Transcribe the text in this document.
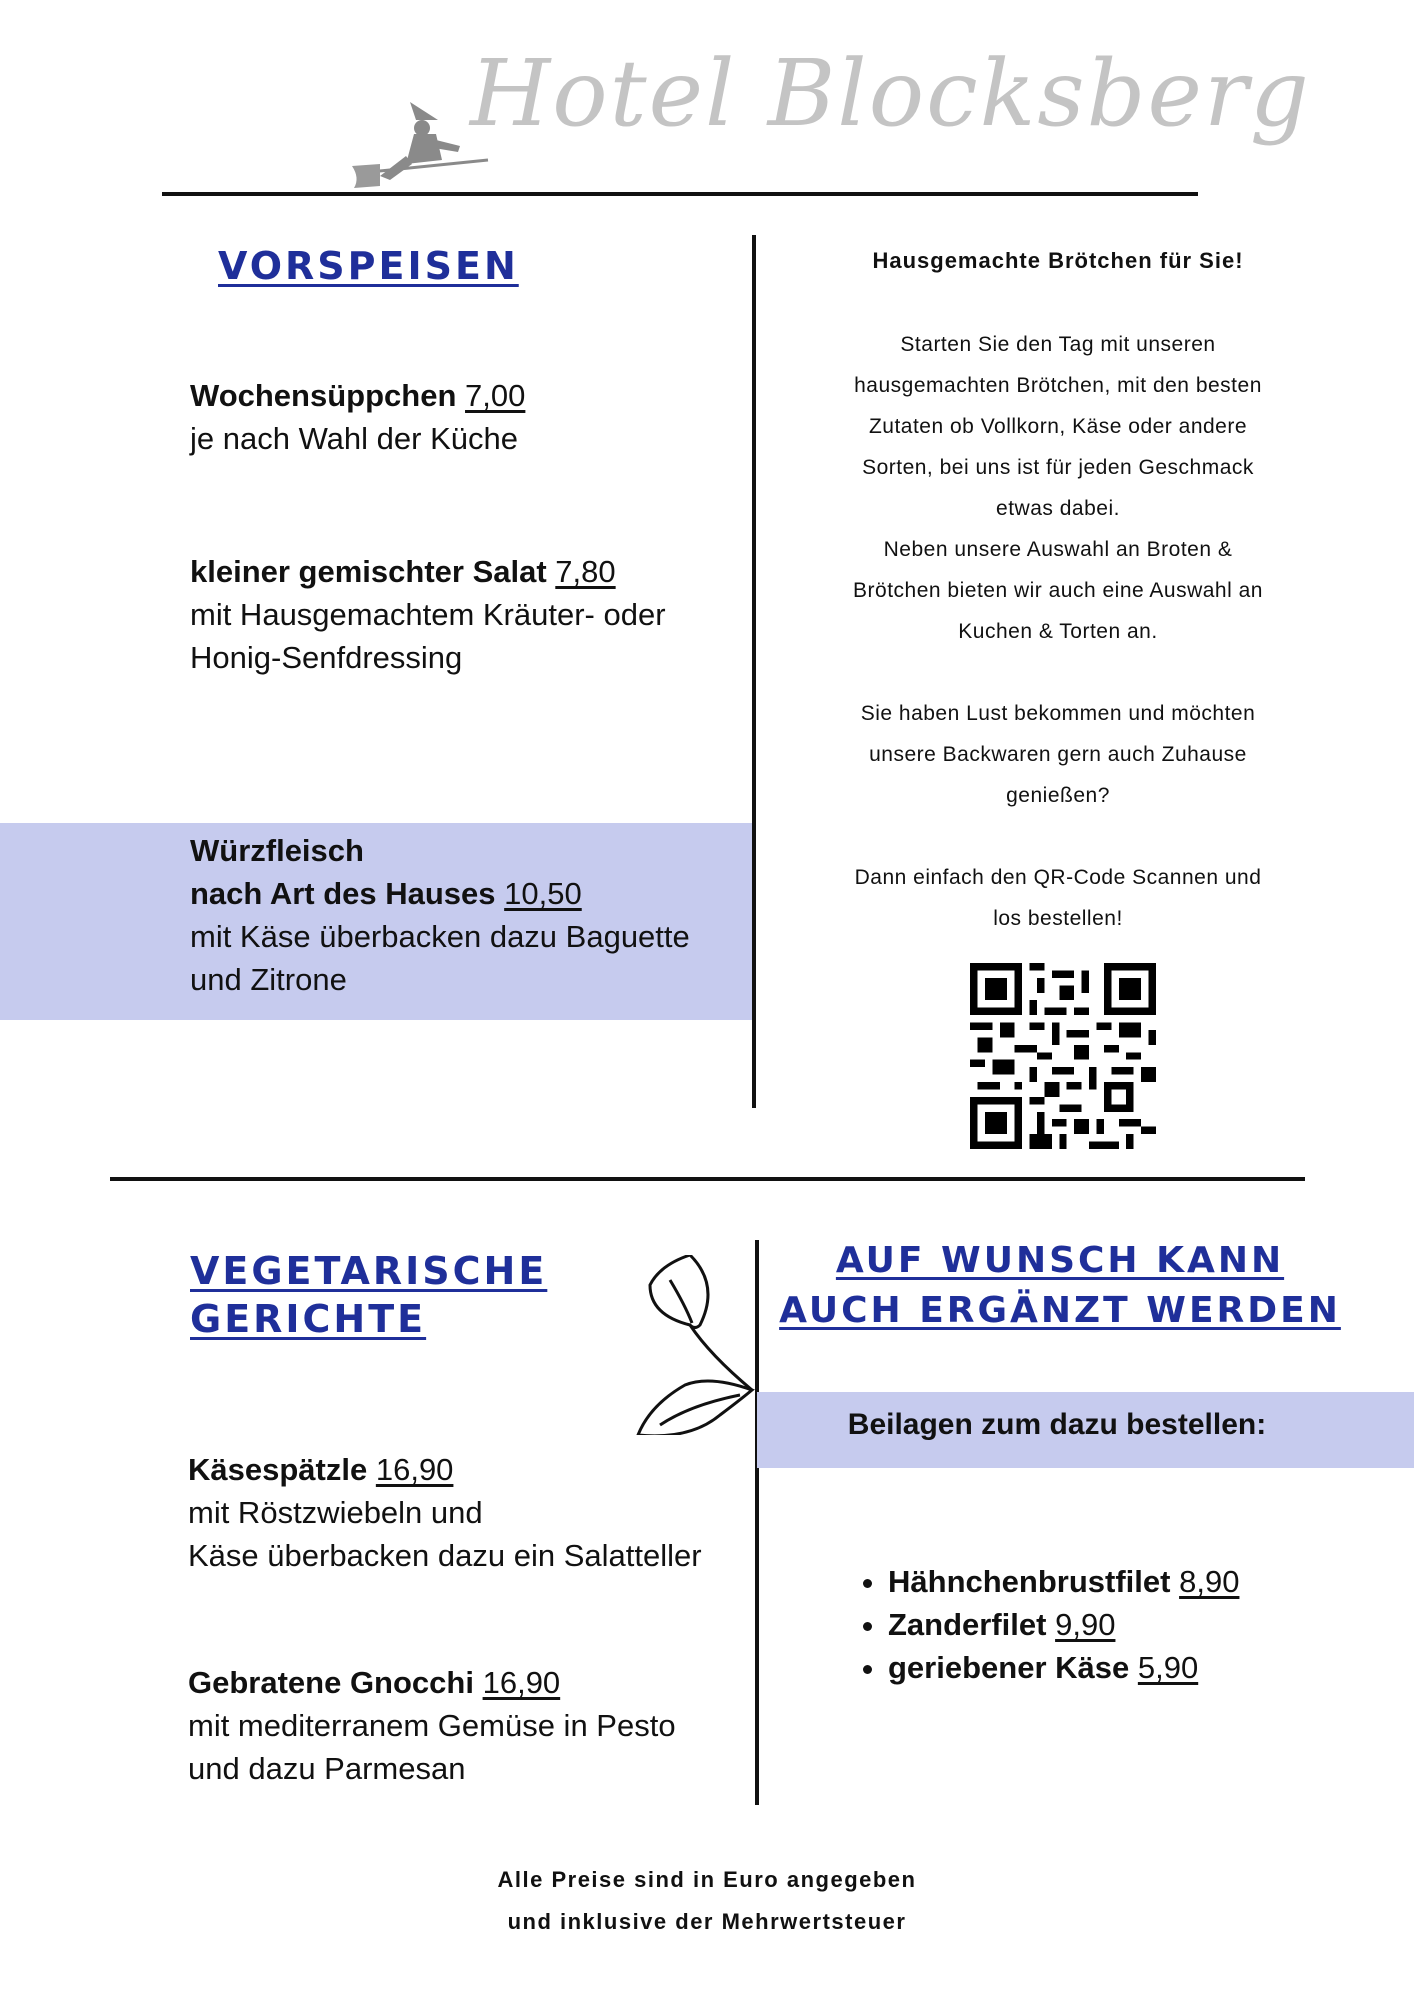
Hotel Blocksberg
VORSPEISEN
Wochensüppchen 7,00
je nach Wahl der Küche
kleiner gemischter Salat 7,80
mit Hausgemachtem Kräuter- oder
Honig-Senfdressing
Würzfleisch
nach Art des Hauses 10,50
mit Käse überbacken dazu Baguette
und Zitrone
Hausgemachte Brötchen für Sie!
Starten Sie den Tag mit unseren
hausgemachten Brötchen, mit den besten
Zutaten ob Vollkorn, Käse oder andere
Sorten, bei uns ist für jeden Geschmack
etwas dabei.
Neben unsere Auswahl an Broten &
Brötchen bieten wir auch eine Auswahl an
Kuchen & Torten an.

Sie haben Lust bekommen und möchten
unsere Backwaren gern auch Zuhause
genießen?

Dann einfach den QR-Code Scannen und
los bestellen!
VEGETARISCHE
GERICHTE
Käsespätzle 16,90
mit Röstzwiebeln und
Käse überbacken dazu ein Salatteller
Gebratene Gnocchi 16,90
mit mediterranem Gemüse in Pesto
und dazu Parmesan
AUF WUNSCH KANN
AUCH ERGÄNZT WERDEN
Beilagen zum dazu bestellen:
• Hähnchenbrustfilet 8,90
• Zanderfilet 9,90
• geriebener Käse 5,90
Alle Preise sind in Euro angegeben
und inklusive der Mehrwertsteuer
